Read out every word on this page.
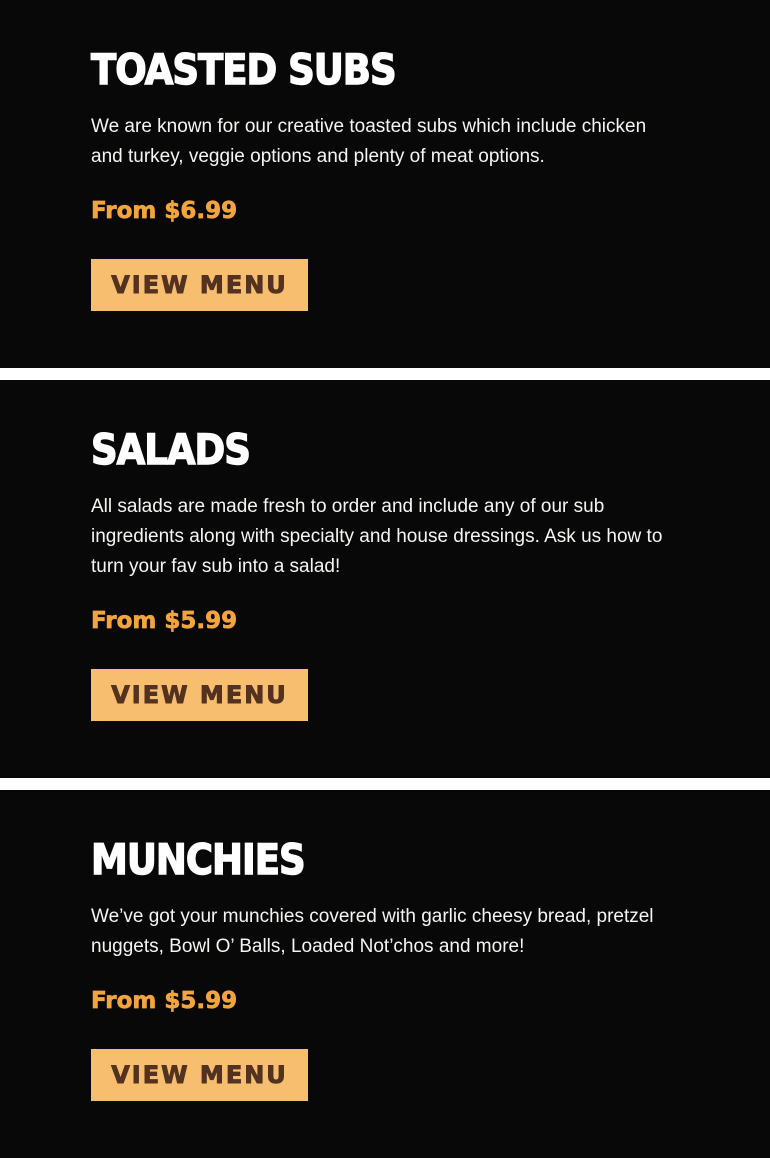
TOASTED SUBS

We are known for our creative toasted subs which include chicken and turkey, veggie options and plenty of meat options.

From $6.99
VIEW MENU
SALADS

All salads are made fresh to order and include any of our sub ingredients along with specialty and house dressings. Ask us how to turn your fav sub into a salad!

From $5.99
VIEW MENU
MUNCHIES

We’ve got your munchies covered with garlic cheesy bread, pretzel nuggets, Bowl O’ Balls, Loaded Not’chos and more!

From $5.99
VIEW MENU
